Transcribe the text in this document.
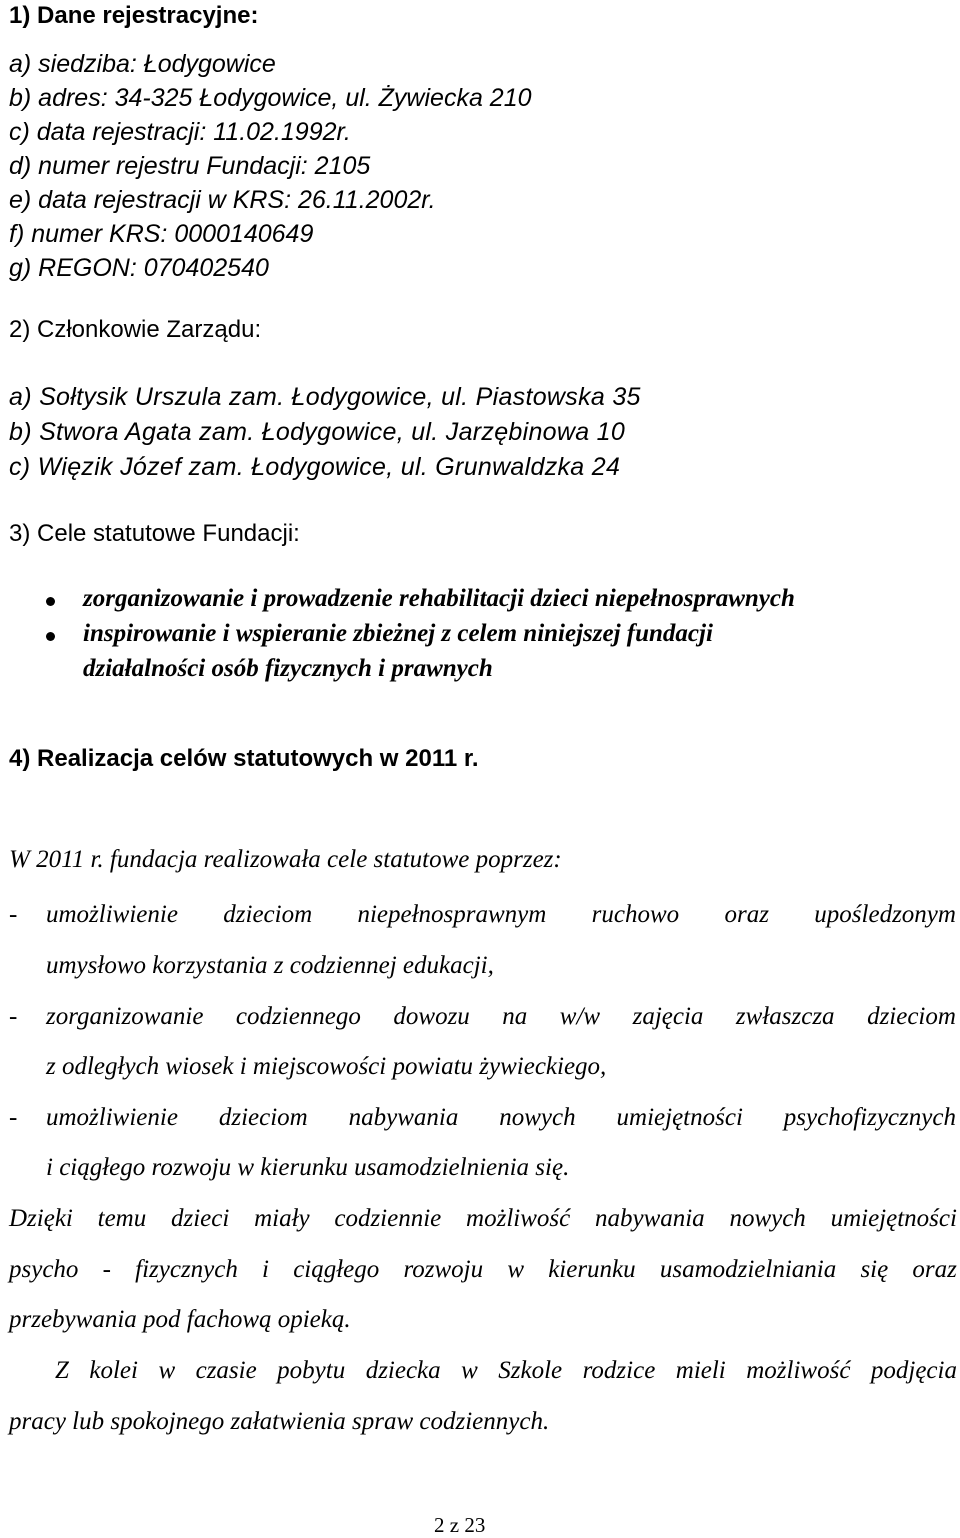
1) Dane rejestracyjne:
a) siedziba: Łodygowice
b) adres: 34-325 Łodygowice, ul. Żywiecka 210
c) data rejestracji: 11.02.1992r.
d) numer rejestru Fundacji: 2105
e) data rejestracji w KRS: 26.11.2002r.
f) numer KRS: 0000140649
g) REGON: 070402540
2) Członkowie Zarządu:
a) Sołtysik Urszula zam. Łodygowice, ul. Piastowska 35
b) Stwora Agata zam. Łodygowice, ul. Jarzębinowa 10
c) Więzik Józef zam. Łodygowice, ul. Grunwaldzka 24
3) Cele statutowe Fundacji:
zorganizowanie i prowadzenie rehabilitacji dzieci niepełnosprawnych
inspirowanie i wspieranie zbieżnej z celem niniejszej fundacji
działalności osób fizycznych i prawnych
4) Realizacja celów statutowych w 2011 r.
W 2011 r. fundacja realizowała cele statutowe poprzez:
- umożliwienie dzieciom niepełnosprawnym ruchowo oraz upośledzonym
umysłowo korzystania z codziennej edukacji,
- zorganizowanie codziennego dowozu na w/w zajęcia zwłaszcza dzieciom
z odległych wiosek i miejscowości powiatu żywieckiego,
- umożliwienie dzieciom nabywania nowych umiejętności psychofizycznych
i ciągłego rozwoju w kierunku usamodzielnienia się.
Dzięki temu dzieci miały codziennie możliwość nabywania nowych umiejętności
psycho - fizycznych i ciągłego rozwoju w kierunku usamodzielniania się oraz
przebywania pod fachową opieką.
Z kolei w czasie pobytu dziecka w Szkole rodzice mieli możliwość podjęcia
pracy lub spokojnego załatwienia spraw codziennych.
2 z 23
